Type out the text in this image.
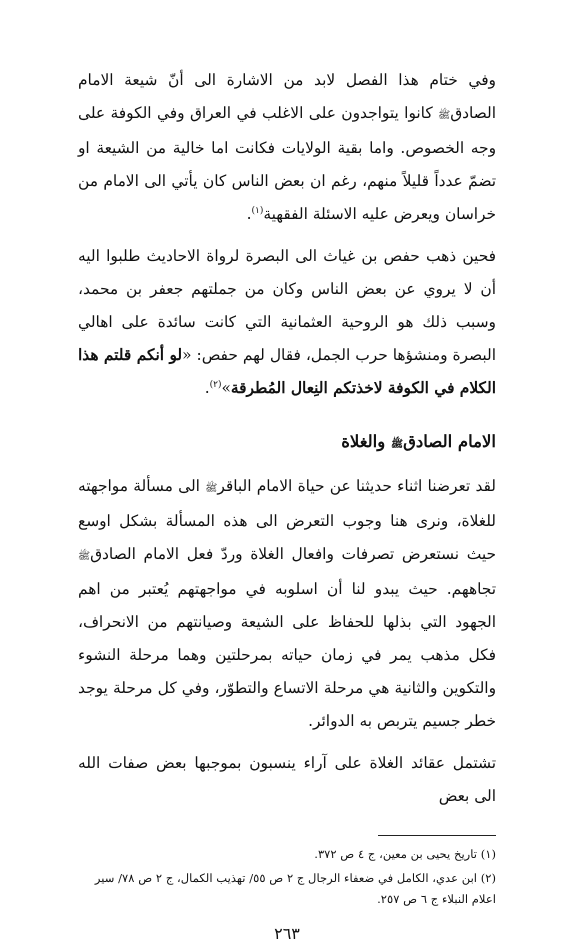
وفي ختام هذا الفصل لابد من الاشارة الى أنّ شيعة الامام الصادقﷺ كانوا يتواجدون على الاغلب في العراق وفي الكوفة على وجه الخصوص. واما بقية الولايات فكانت اما خالية من الشيعة او تضمّ عدداً قليلاً منهم، رغم ان بعض الناس كان يأتي الى الامام من خراسان ويعرض عليه الاسئلة الفقهية$^{(١)}$.

فحين ذهب حفص بن غياث الى البصرة لرواة الاحاديث طلبوا اليه أن لا يروي عن بعض الناس وكان من جملتهم جعفر بن محمد، وسبب ذلك هو الروحية العثمانية التي كانت سائدة على اهالي البصرة ومنشؤها حرب الجمل، فقال لهم حفص: «لو أنكم قلتم هذا الكلام في الكوفة لاخذتكم النِعال المُطرقة»$^{(٢)}$.

الامام الصادقﷺ والغلاة

لقد تعرضنا اثناء حديثنا عن حياة الامام الباقرﷺ الى مسألة مواجهته للغلاة، ونرى هنا وجوب التعرض الى هذه المسألة بشكل اوسع حيث نستعرض تصرفات وافعال الغلاة وردّ فعل الامام الصادقﷺ تجاههم. حيث يبدو لنا أن اسلوبه في مواجهتهم يُعتبر من اهم الجهود التي بذلها للحفاظ على الشيعة وصيانتهم من الانحراف، فكل مذهب يمر في زمان حياته بمرحلتين وهما مرحلة النشوء والتكوين والثانية هي مرحلة الاتساع والتطوّر، وفي كل مرحلة يوجد خطر جسيم يتربص به الدوائر.

تشتمل عقائد الغلاة على آراء ينسبون بموجبها بعض صفات الله الى بعض

(١) تاريخ يحيى بن معين، ج ٤ ص ٣٧٢.

(٢) ابن عدي، الكامل في ضعفاء الرجال ج ٢ ص ٥٥/ تهذيب الكمال، ج ٢ ص ٧٨/ سير اعلام النبلاء ج ٦ ص ٢٥٧.

٢٦٣
